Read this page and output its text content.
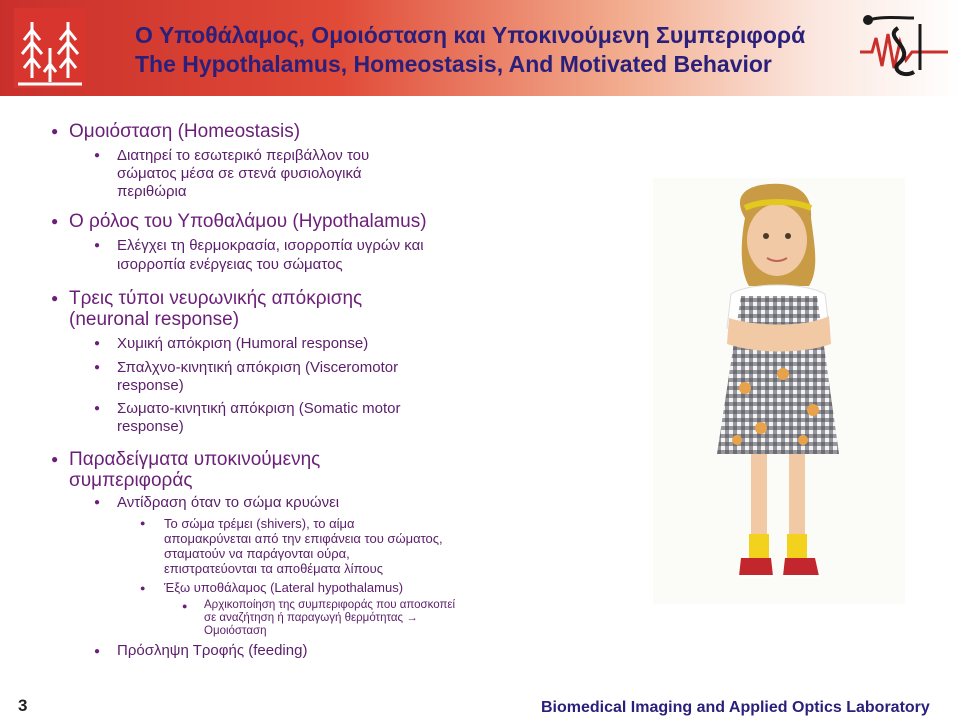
Ο Υποθάλαμος, Ομοιόσταση και Υποκινούμενη Συμπεριφορά
The Hypothalamus, Homeostasis, And Motivated Behavior
● Ομοιόσταση (Homeostasis)
● Διατηρεί το εσωτερικό περιβάλλον του
σώματος μέσα σε στενά φυσιολογικά
περιθώρια
● Ο ρόλος του Υποθαλάμου (Hypothalamus)
● Ελέγχει τη θερμοκρασία, ισορροπία υγρών και
ισορροπία ενέργειας του σώματος
● Τρεις τύποι νευρωνικής απόκρισης
(neuronal response)
● Χυμική απόκριση (Humoral response)
● Σπαλχνο-κινητική απόκριση (Visceromotor
response)
● Σωματο-κινητική απόκριση (Somatic motor
response)
● Παραδείγματα υποκινούμενης
συμπεριφοράς
● Αντίδραση όταν το σώμα κρυώνει
● Το σώμα τρέμει (shivers), το αίμα
απομακρύνεται από την επιφάνεια του σώματος,
σταματούν να παράγονται ούρα,
επιστρατεύονται τα αποθέματα λίπους
● Έξω υποθάλαμος (Lateral hypothalamus)
● Αρχικοποίηση της συμπεριφοράς που αποσκοπεί
σε αναζήτηση ή παραγωγή θερμότητας →
Ομοιόσταση
● Πρόσληψη Τροφής (feeding)
3	Biomedical Imaging and Applied Optics Laboratory
